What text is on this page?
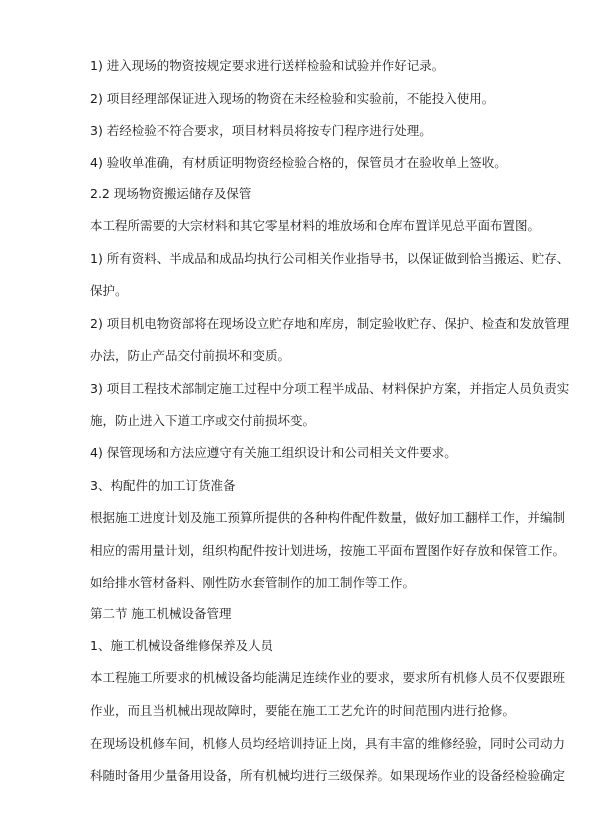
1) 进入现场的物资按规定要求进行送样检验和试验并作好记录。
2) 项目经理部保证进入现场的物资在未经检验和实验前，不能投入使用。
3) 若经检验不符合要求，项目材料员将按专门程序进行处理。
4) 验收单准确，有材质证明物资经检验合格的，保管员才在验收单上签收。
2.2 现场物资搬运储存及保管
本工程所需要的大宗材料和其它零星材料的堆放场和仓库布置详见总平面布置图。
1) 所有资料、半成品和成品均执行公司相关作业指导书，以保证做到恰当搬运、贮存、
保护。
2) 项目机电物资部将在现场设立贮存地和库房，制定验收贮存、保护、检查和发放管理
办法，防止产品交付前损坏和变质。
3) 项目工程技术部制定施工过程中分项工程半成品、材料保护方案，并指定人员负责实
施，防止进入下道工序或交付前损坏变。
4) 保管现场和方法应遵守有关施工组织设计和公司相关文件要求。
3、构配件的加工订货准备
根据施工进度计划及施工预算所提供的各种构件配件数量，做好加工翻样工作，并编制
相应的需用量计划，组织构配件按计划进场，按施工平面布置图作好存放和保管工作。
如给排水管材备料、刚性防水套管制作的加工制作等工作。
第二节 施工机械设备管理
1、施工机械设备维修保养及人员
本工程施工所要求的机械设备均能满足连续作业的要求，要求所有机修人员不仅要跟班
作业，而且当机械出现故障时，要能在施工工艺允许的时间范围内进行抢修。
在现场设机修车间，机修人员均经培训持证上岗，具有丰富的维修经验，同时公司动力
科随时备用少量备用设备，所有机械均进行三级保养。如果现场作业的设备经检验确定
